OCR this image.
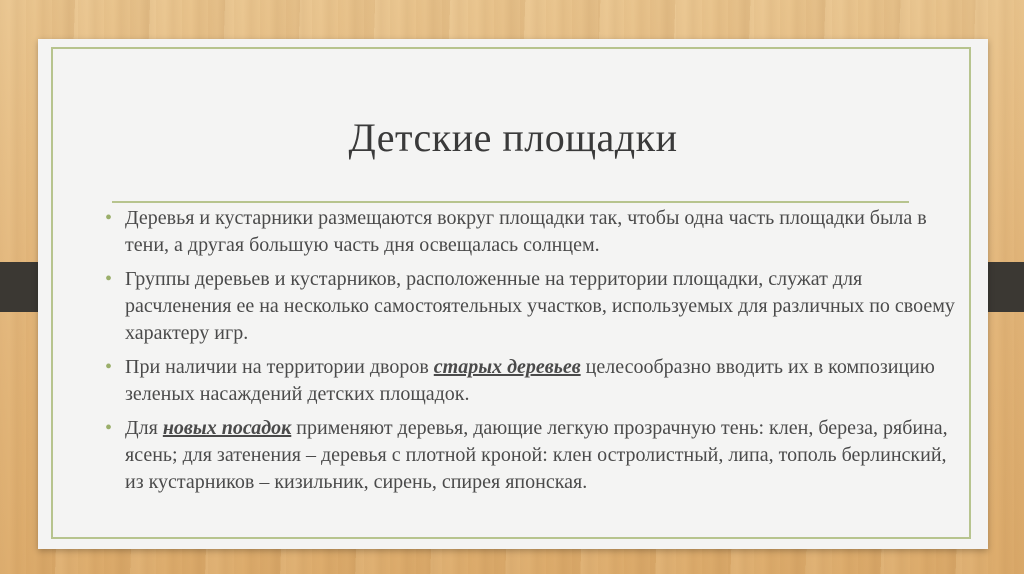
Детские площадки
• Деревья и кустарники размещаются вокруг площадки так, чтобы одна часть площадки была в тени, а другая большую часть дня освещалась солнцем.
• Группы деревьев и кустарников, расположенные на территории площадки, служат для расчленения ее на несколько самостоятельных участков, используемых для различных по своему характеру игр.
• При наличии на территории дворов старых деревьев целесообразно вводить их в композицию зеленых насаждений детских площадок.
• Для новых посадок применяют деревья, дающие легкую прозрачную тень: клен, береза, рябина, ясень; для затенения – деревья с плотной кроной: клен остролистный, липа, тополь берлинский, из кустарников – кизильник, сирень, спирея японская.
